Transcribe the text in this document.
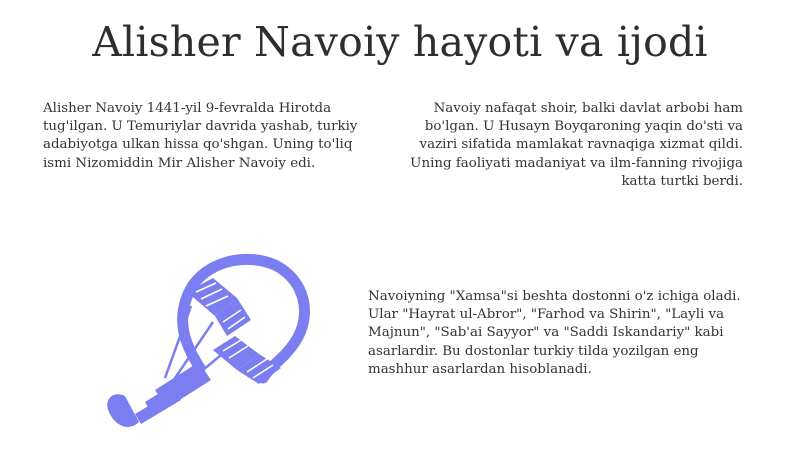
Alisher Navoiy hayoti va ijodi

Alisher Navoiy 1441-yil 9-fevralda Hirotda tug'ilgan. U Temuriylar davrida yashab, turkiy adabiyotga ulkan hissa qo'shgan. Uning to'liq ismi Nizomiddin Mir Alisher Navoiy edi.

Navoiy nafaqat shoir, balki davlat arbobi ham bo'lgan. U Husayn Boyqaroning yaqin do'sti va vaziri sifatida mamlakat ravnaqiga xizmat qildi. Uning faoliyati madaniyat va ilm-fanning rivojiga katta turtki berdi.

Navoiyning "Xamsa"si beshta dostonni o'z ichiga oladi. Ular "Hayrat ul-Abror", "Farhod va Shirin", "Layli va Majnun", "Sab'ai Sayyor" va "Saddi Iskandariy" kabi asarlardir. Bu dostonlar turkiy tilda yozilgan eng mashhur asarlardan hisoblanadi.
